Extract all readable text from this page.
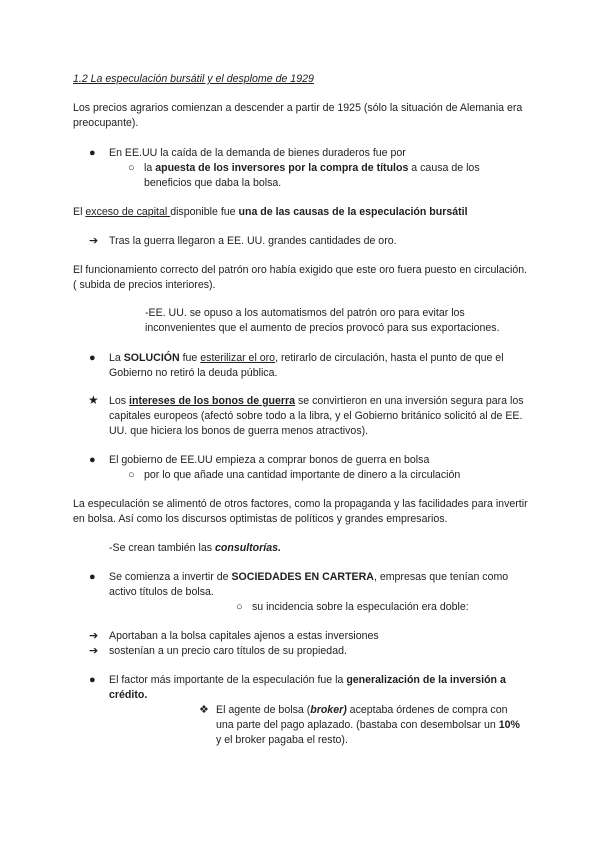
1.2 La especulación bursátil y el desplome de 1929

Los precios agrarios comienzan a descender a partir de 1925 (sólo la situación de Alemania era preocupante).

● En EE.UU la caída de la demanda de bienes duraderos fue por

○ la apuesta de los inversores por la compra de títulos a causa de los beneficios que daba la bolsa.

El exceso de capital disponible fue una de las causas de la especulación bursátil

➔ Tras la guerra llegaron a EE. UU. grandes cantidades de oro.

El funcionamiento correcto del patrón oro había exigido que este oro fuera puesto en circulación. ( subida de precios interiores).

-EE. UU. se opuso a los automatismos del patrón oro para evitar los inconvenientes que el aumento de precios provocó para sus exportaciones.

● La SOLUCIÓN fue esterilizar el oro, retirarlo de circulación, hasta el punto de que el Gobierno no retiró la deuda pública.

★ Los intereses de los bonos de guerra se convirtieron en una inversión segura para los capitales europeos (afectó sobre todo a la libra, y el Gobierno británico solicitó al de EE. UU. que hiciera los bonos de guerra menos atractivos).

● El gobierno de EE.UU empieza a comprar bonos de guerra en bolsa

○ por lo que añade una cantidad importante de dinero a la circulación

La especulación se alimentó de otros factores, como la propaganda y las facilidades para invertir en bolsa. Así como los discursos optimistas de políticos y grandes empresarios.

-Se crean también las consultorías.

● Se comienza a invertir de SOCIEDADES EN CARTERA, empresas que tenían como activo títulos de bolsa.

○ su incidencia sobre la especulación era doble:

➔ Aportaban a la bolsa capitales ajenos a estas inversiones

➔ sostenían a un precio caro títulos de su propiedad.

● El factor más importante de la especulación fue la generalización de la inversión a crédito.

❖ El agente de bolsa (broker) aceptaba órdenes de compra con una parte del pago aplazado. (bastaba con desembolsar un 10% y el broker pagaba el resto).
